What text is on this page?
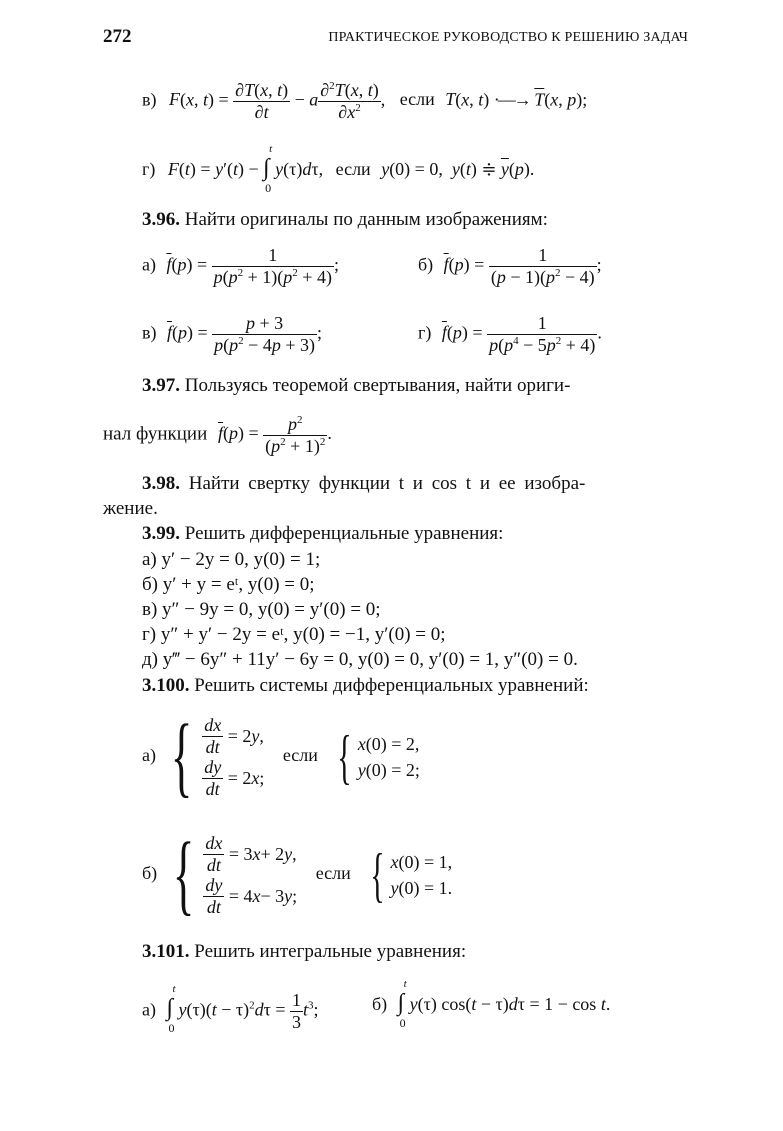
272	ПРАКТИЧЕСКОЕ РУКОВОДСТВО К РЕШЕНИЮ ЗАДАЧ
в) F(x, $t) = \frac{\partial T(x, t)}{\partial t} - a \frac{\partial^2T(x, t)}{\partial x^2}$ , если T(x, t) ·—→ $\overline{T}(x$, p);
г) F(t) = y′(t) −
t
∫
0
y(τ)dτ, если y(0) = 0,  y(t) ≑ $\overline{y}(p)$.
3.96. Найти оригиналы по данным изображениям:
а) $\overline{f}(p) = \frac{1}{p(p^2 + 1)(p^2 + 4)}$ ;	б) $\overline{f}(p) = \frac{1}{(p - 1)(p^2 - 4)}$ ;
в) $\overline{f}(p) = \frac{p + 3}{p(p^2 - 4p + 3)}$ ;	г) $\overline{f}(p) = \frac{1}{p(p^4 - 5p^2 + 4)}$ .
3.97. Пользуясь теоремой свертывания, найти ориги-
нал функции $\overline{f}(p) = \frac{p^2}{(p^2 + 1)^2}$ .
3.98. Найти свертку функции t и cos t и ее изобра-
жение.
3.99. Решить дифференциальные уравнения:
а) y′ − 2y = 0, y(0) = 1;
б) y′ + y = eᵗ, y(0) = 0;
в) y″ − 9y = 0, y(0) = y′(0) = 0;
г) y″ + y′ − 2y = eᵗ, y(0) = −1, y′(0) = 0;
д) y‴ − 6y″ + 11y′ − 6y = 0, y(0) = 0, y′(0) = 1, y″(0) = 0.
3.100. Решить системы дифференциальных уравнений:
а) { $\frac{dx}{dt} = 2$ y ,
$\frac{dy}{dt} = 2$ x ;
если { x (0) = 2,
y (0) = 2;
б) { $\frac{dx}{dt} = 3$ x + 2 y ,
$\frac{dy}{dt} = 4$ x − 3 y ;
если { x (0) = 1,
y (0) = 1.
3.101. Решить интегральные уравнения:
а)
t
∫
0
$y(\tau)(t - \tau)^2d\tau = \frac{1}{3} t^3$;	б)
t
∫
0
y(τ) cos(t − τ)dτ = 1 − cos t.
